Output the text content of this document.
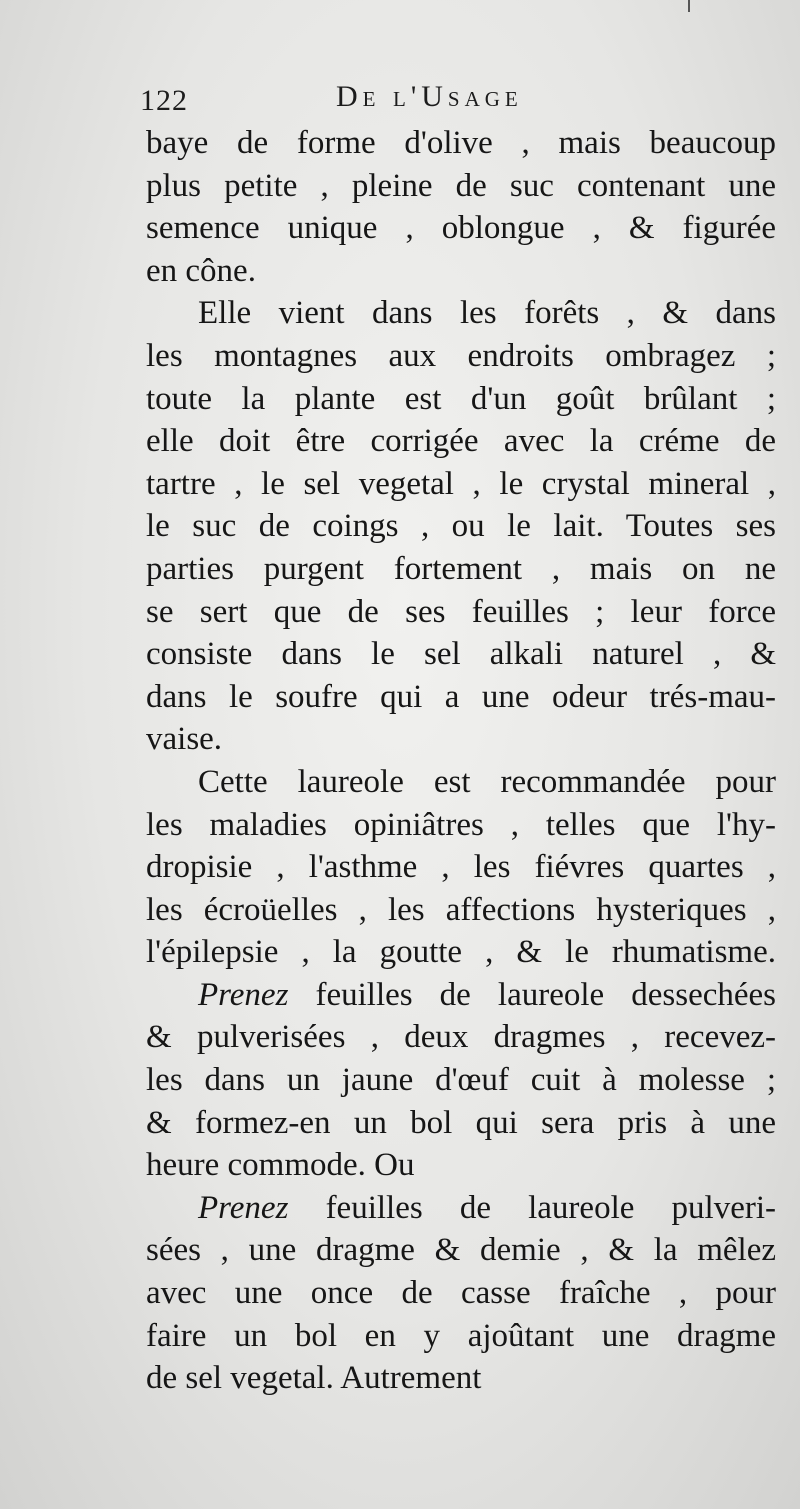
122	De l'Usage
baye de forme d'olive , mais beaucoup
plus petite , pleine de suc contenant une
semence unique , oblongue , & figurée
en cône.
Elle vient dans les forêts , & dans
les montagnes aux endroits ombragez ;
toute la plante est d'un goût brûlant ;
elle doit être corrigée avec la créme de
tartre , le sel vegetal , le crystal mineral ,
le suc de coings , ou le lait. Toutes ses
parties purgent fortement , mais on ne
se sert que de ses feuilles ; leur force
consiste dans le sel alkali naturel , &
dans le soufre qui a une odeur trés-mau-
vaise.
Cette laureole est recommandée pour
les maladies opiniâtres , telles que l'hy-
dropisie , l'asthme , les fiévres quartes ,
les écroüelles , les affections hysteriques ,
l'épilepsie , la goutte , & le rhumatisme.
Prenez feuilles de laureole dessechées
& pulverisées , deux dragmes , recevez-
les dans un jaune d'œuf cuit à molesse ;
& formez-en un bol qui sera pris à une
heure commode. Ou
Prenez feuilles de laureole pulveri-
sées , une dragme & demie , & la mêlez
avec une once de casse fraîche , pour
faire un bol en y ajoûtant une dragme
de sel vegetal. Autrement
